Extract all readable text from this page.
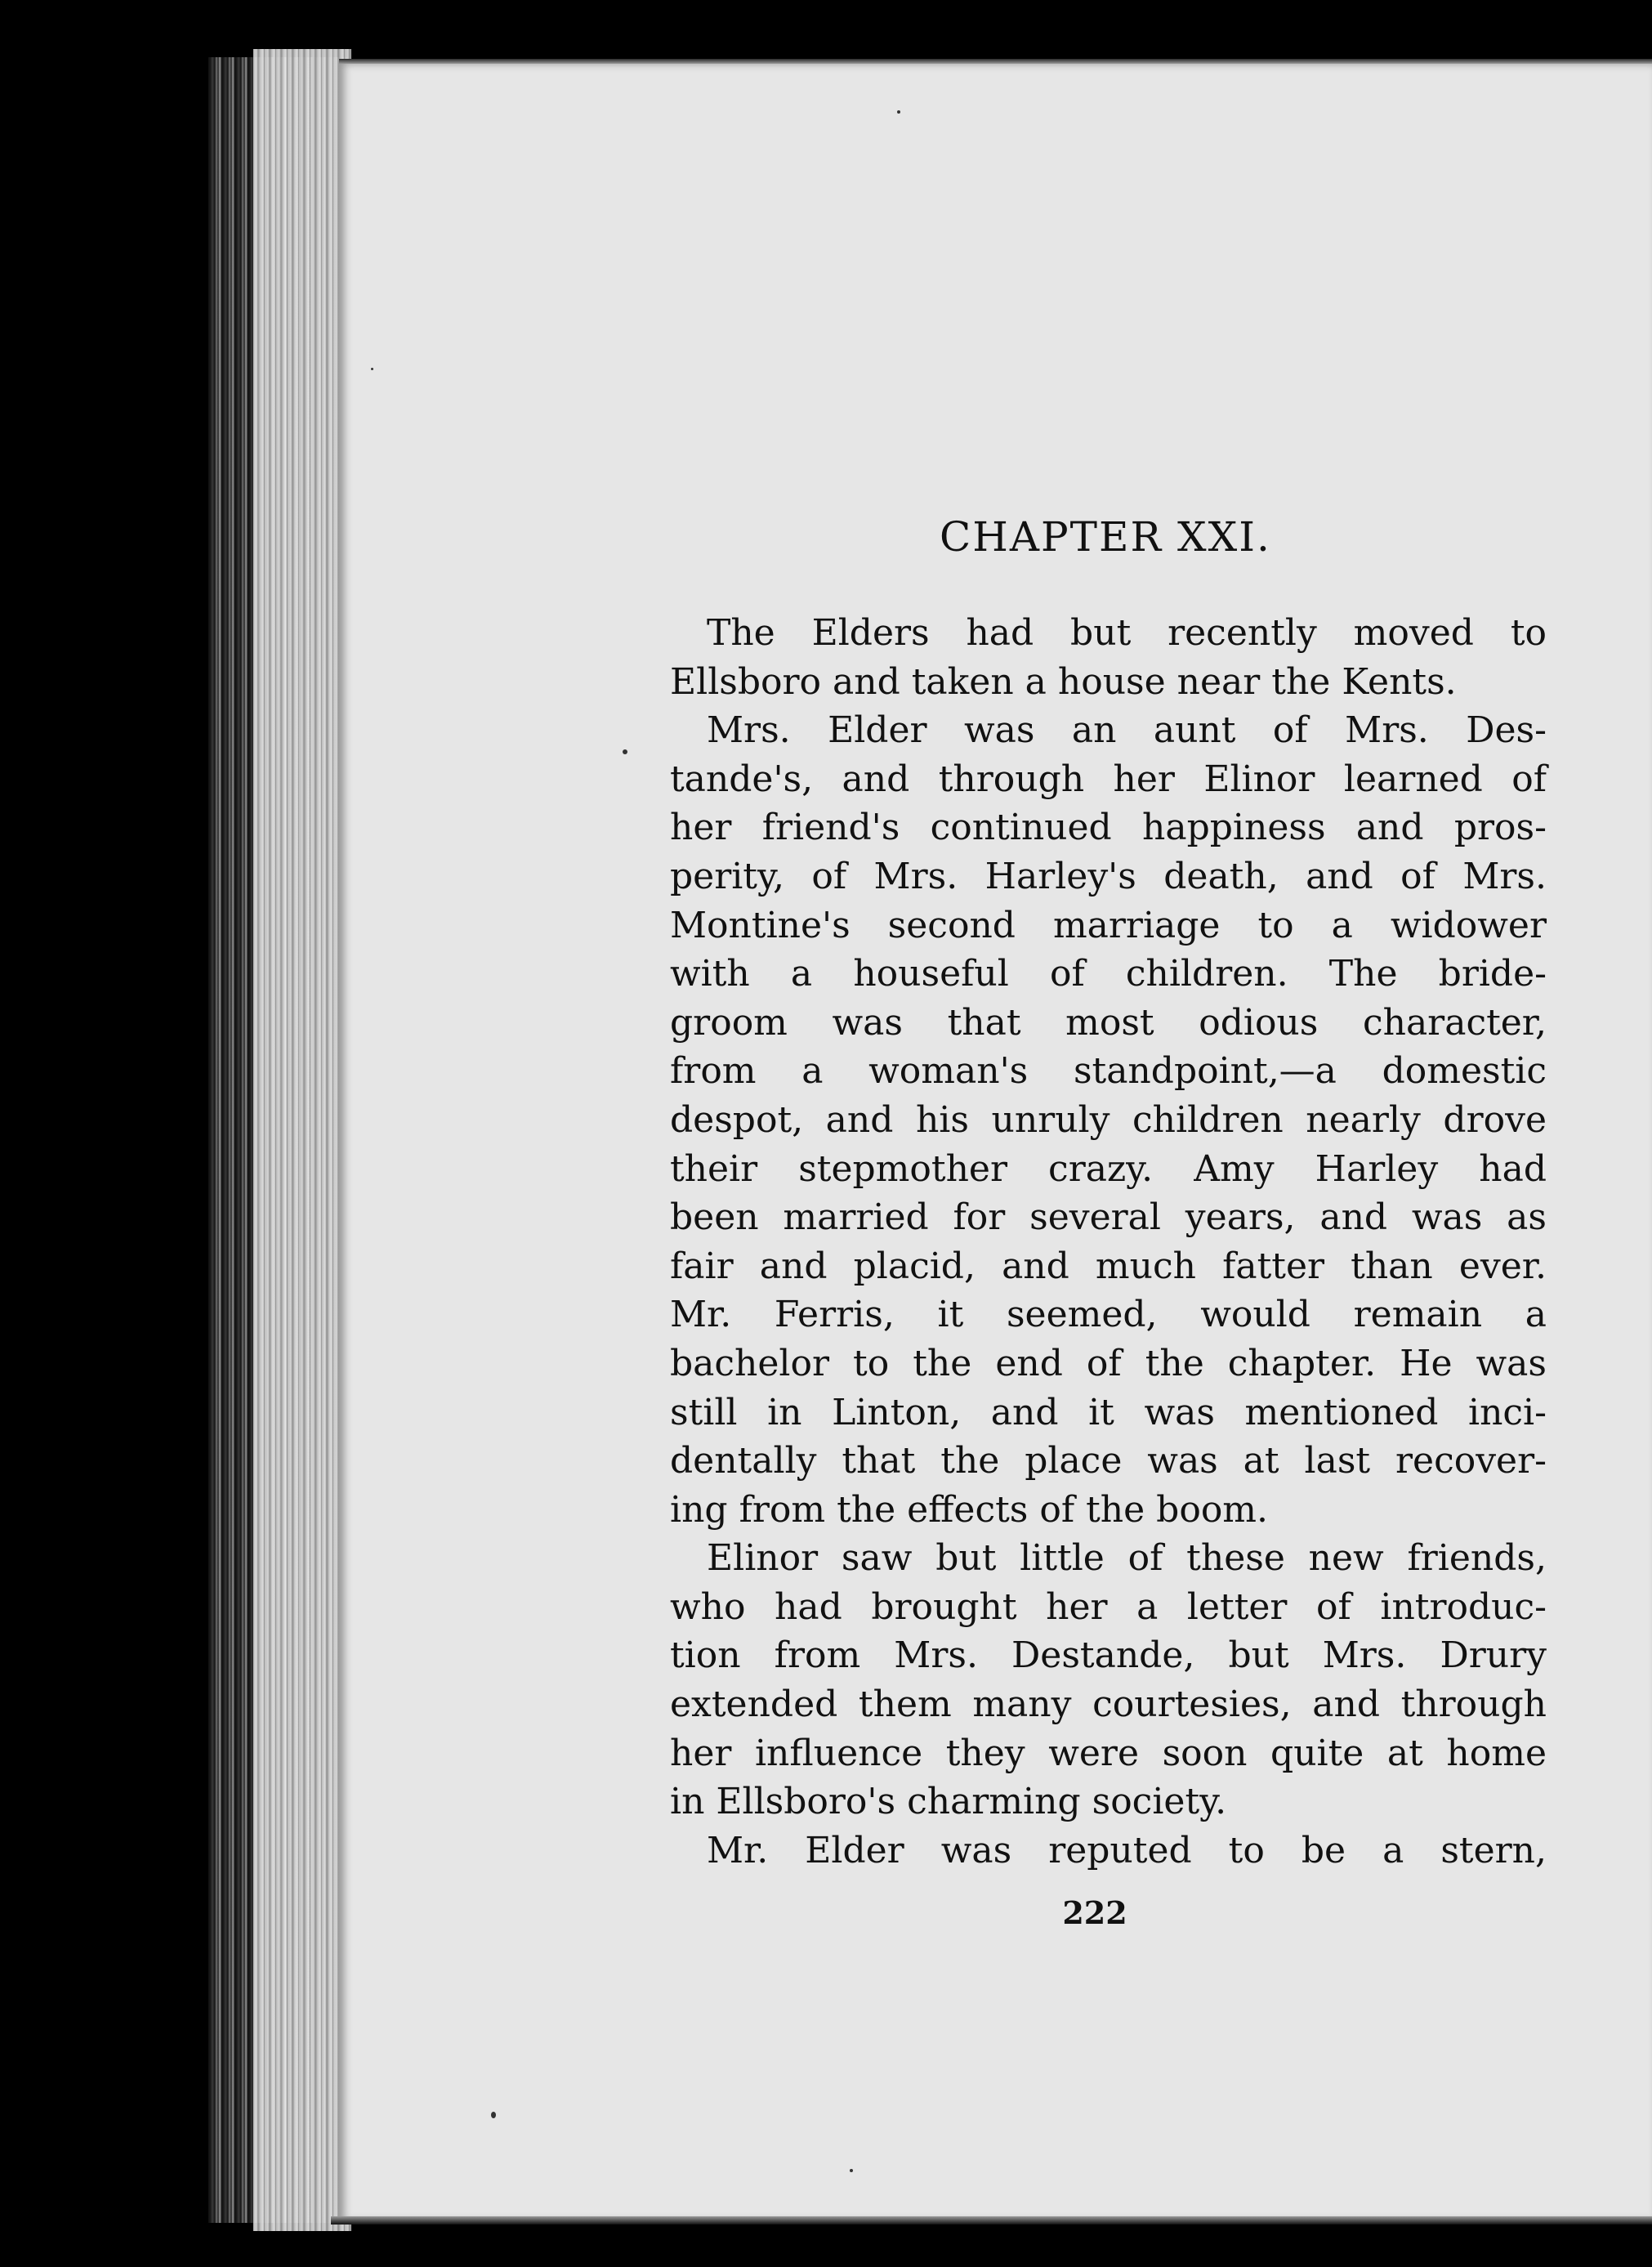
CHAPTER XXI.
The Elders had but recently moved to
Ellsboro and taken a house near the Kents.
Mrs. Elder was an aunt of Mrs. Des-
tande's, and through her Elinor learned of
her friend's continued happiness and pros-
perity, of Mrs. Harley's death, and of Mrs.
Montine's second marriage to a widower
with a houseful of children. The bride-
groom was that most odious character,
from a woman's standpoint,—a domestic
despot, and his unruly children nearly drove
their stepmother crazy. Amy Harley had
been married for several years, and was as
fair and placid, and much fatter than ever.
Mr. Ferris, it seemed, would remain a
bachelor to the end of the chapter. He was
still in Linton, and it was mentioned inci-
dentally that the place was at last recover-
ing from the effects of the boom.
Elinor saw but little of these new friends,
who had brought her a letter of introduc-
tion from Mrs. Destande, but Mrs. Drury
extended them many courtesies, and through
her influence they were soon quite at home
in Ellsboro's charming society.
Mr. Elder was reputed to be a stern,
222
